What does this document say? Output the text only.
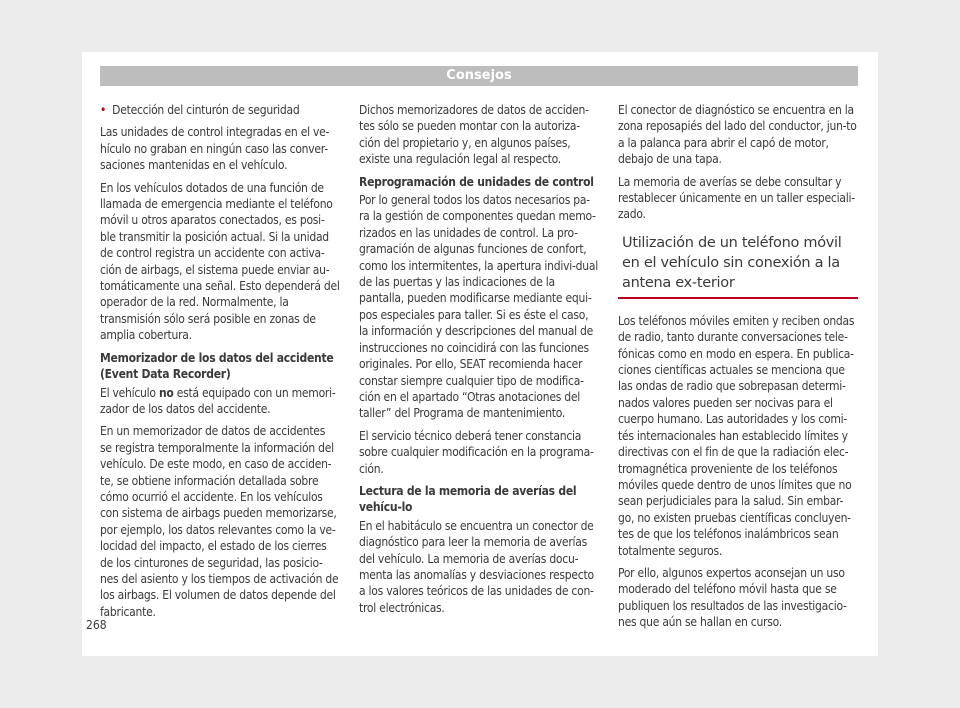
Consejos

• Detección del cinturón de seguridad

Las unidades de control integradas en el ve-hículo no graban en ningún caso las conver-saciones mantenidas en el vehículo.

En los vehículos dotados de una función de llamada de emergencia mediante el teléfono móvil u otros aparatos conectados, es posi-ble transmitir la posición actual. Si la unidad de control registra un accidente con activa-ción de airbags, el sistema puede enviar au-tomáticamente una señal. Esto dependerá del operador de la red. Normalmente, la transmisión sólo será posible en zonas de amplia cobertura.

Memorizador de los datos del accidente (Event Data Recorder)

El vehículo no está equipado con un memori-zador de los datos del accidente.

En un memorizador de datos de accidentes se registra temporalmente la información del vehículo. De este modo, en caso de acciden-te, se obtiene información detallada sobre cómo ocurrió el accidente. En los vehículos con sistema de airbags pueden memorizarse, por ejemplo, los datos relevantes como la ve-locidad del impacto, el estado de los cierres de los cinturones de seguridad, las posicio-nes del asiento y los tiempos de activación de los airbags. El volumen de datos depende del fabricante.

Dichos memorizadores de datos de acciden-tes sólo se pueden montar con la autoriza-ción del propietario y, en algunos países, existe una regulación legal al respecto.

Reprogramación de unidades de control

Por lo general todos los datos necesarios pa-ra la gestión de componentes quedan memo-rizados en las unidades de control. La pro-gramación de algunas funciones de confort, como los intermitentes, la apertura indivi-dual de las puertas y las indicaciones de la pantalla, pueden modificarse mediante equi-pos especiales para taller. Si es éste el caso, la información y descripciones del manual de instrucciones no coincidirá con las funciones originales. Por ello, SEAT recomienda hacer constar siempre cualquier tipo de modifica-ción en el apartado “Otras anotaciones del taller” del Programa de mantenimiento.

El servicio técnico deberá tener constancia sobre cualquier modificación en la programa-ción.

Lectura de la memoria de averías del vehícu-lo

En el habitáculo se encuentra un conector de diagnóstico para leer la memoria de averías del vehículo. La memoria de averías docu-menta las anomalías y desviaciones respecto a los valores teóricos de las unidades de con-trol electrónicas.

El conector de diagnóstico se encuentra en la zona reposapiés del lado del conductor, jun-to a la palanca para abrir el capó de motor, debajo de una tapa.

La memoria de averías se debe consultar y restablecer únicamente en un taller especiali-zado.

Utilización de un teléfono móvil en el vehículo sin conexión a la antena ex-terior

Los teléfonos móviles emiten y reciben ondas de radio, tanto durante conversaciones tele-fónicas como en modo en espera. En publica-ciones científicas actuales se menciona que las ondas de radio que sobrepasan determi-nados valores pueden ser nocivas para el cuerpo humano. Las autoridades y los comi-tés internacionales han establecido límites y directivas con el fin de que la radiación elec-tromagnética proveniente de los teléfonos móviles quede dentro de unos límites que no sean perjudiciales para la salud. Sin embar-go, no existen pruebas científicas concluyen-tes de que los teléfonos inalámbricos sean totalmente seguros.

Por ello, algunos expertos aconsejan un uso moderado del teléfono móvil hasta que se publiquen los resultados de las investigacio-nes que aún se hallan en curso.

268
